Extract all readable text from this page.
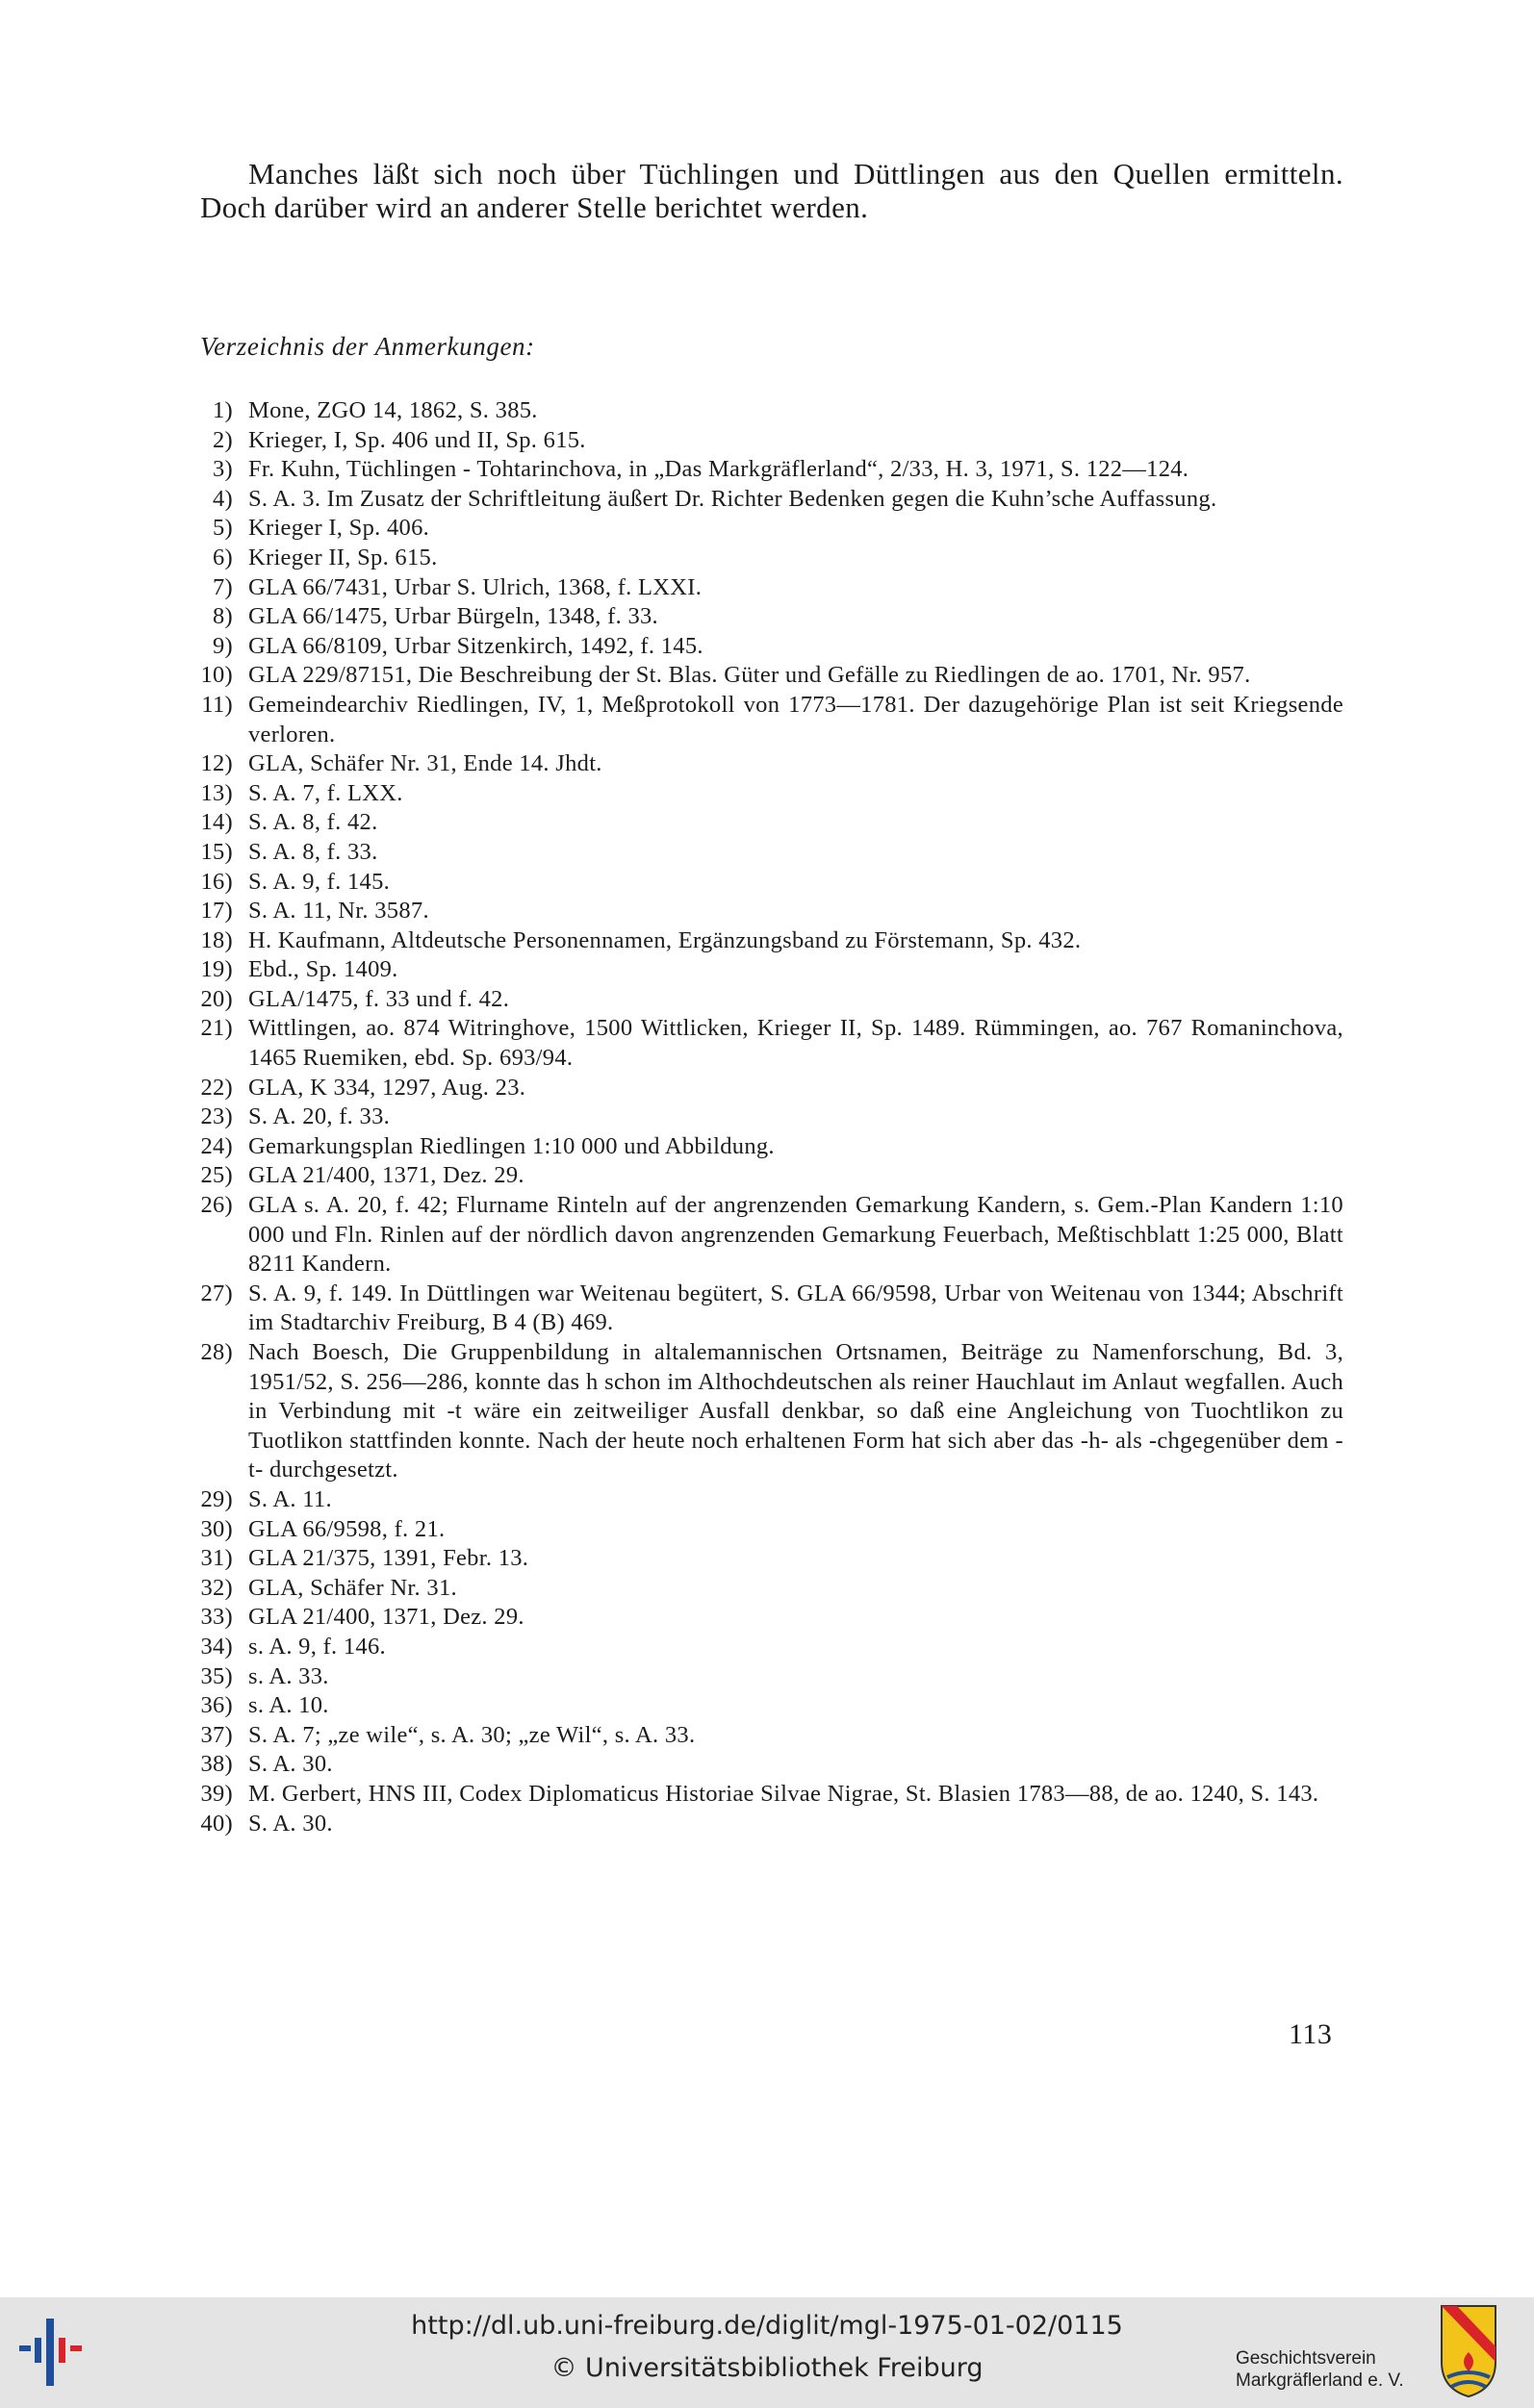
Manches läßt sich noch über Tüchlingen und Düttlingen aus den Quellen ermitteln. Doch darüber wird an anderer Stelle berichtet werden.

Verzeichnis der Anmerkungen:
1) Mone, ZGO 14, 1862, S. 385.
2) Krieger, I, Sp. 406 und II, Sp. 615.
3) Fr. Kuhn, Tüchlingen - Tohtarinchova, in „Das Markgräflerland“, 2/33, H. 3, 1971, S. 122—124.
4) S. A. 3. Im Zusatz der Schriftleitung äußert Dr. Richter Bedenken gegen die Kuhn’sche Auffassung.
5) Krieger I, Sp. 406.
6) Krieger II, Sp. 615.
7) GLA 66/7431, Urbar S. Ulrich, 1368, f. LXXI.
8) GLA 66/1475, Urbar Bürgeln, 1348, f. 33.
9) GLA 66/8109, Urbar Sitzenkirch, 1492, f. 145.
10) GLA 229/87151, Die Beschreibung der St. Blas. Güter und Gefälle zu Riedlingen de ao. 1701, Nr. 957.
11) Gemeindearchiv Riedlingen, IV, 1, Meßprotokoll von 1773—1781. Der dazugehörige Plan ist seit Kriegsende verloren.
12) GLA, Schäfer Nr. 31, Ende 14. Jhdt.
13) S. A. 7, f. LXX.
14) S. A. 8, f. 42.
15) S. A. 8, f. 33.
16) S. A. 9, f. 145.
17) S. A. 11, Nr. 3587.
18) H. Kaufmann, Altdeutsche Personennamen, Ergänzungsband zu Förstemann, Sp. 432.
19) Ebd., Sp. 1409.
20) GLA/1475, f. 33 und f. 42.
21) Wittlingen, ao. 874 Witringhove, 1500 Wittlicken, Krieger II, Sp. 1489. Rümmingen, ao. 767 Romaninchova, 1465 Ruemiken, ebd. Sp. 693/94.
22) GLA, K 334, 1297, Aug. 23.
23) S. A. 20, f. 33.
24) Gemarkungsplan Riedlingen 1:10 000 und Abbildung.
25) GLA 21/400, 1371, Dez. 29.
26) GLA s. A. 20, f. 42; Flurname Rinteln auf der angrenzenden Gemarkung Kandern, s. Gem.-Plan Kandern 1:10 000 und Fln. Rinlen auf der nördlich davon angrenzenden Gemarkung Feuerbach, Meßtischblatt 1:25 000, Blatt 8211 Kandern.
27) S. A. 9, f. 149. In Düttlingen war Weitenau begütert, S. GLA 66/9598, Urbar von Weitenau von 1344; Abschrift im Stadtarchiv Freiburg, B 4 (B) 469.
28) Nach Boesch, Die Gruppenbildung in altalemannischen Ortsnamen, Beiträge zu Namenforschung, Bd. 3, 1951/52, S. 256—286, konnte das h schon im Althochdeutschen als reiner Hauchlaut im Anlaut wegfallen. Auch in Verbindung mit -t wäre ein zeitweiliger Ausfall denkbar, so daß eine Angleichung von Tuochtlikon zu Tuotlikon stattfinden konnte. Nach der heute noch erhaltenen Form hat sich aber das -h- als -chgegenüber dem -t- durchgesetzt.
29) S. A. 11.
30) GLA 66/9598, f. 21.
31) GLA 21/375, 1391, Febr. 13.
32) GLA, Schäfer Nr. 31.
33) GLA 21/400, 1371, Dez. 29.
34) s. A. 9, f. 146.
35) s. A. 33.
36) s. A. 10.
37) S. A. 7; „ze wile“, s. A. 30; „ze Wil“, s. A. 33.
38) S. A. 30.
39) M. Gerbert, HNS III, Codex Diplomaticus Historiae Silvae Nigrae, St. Blasien 1783—88, de ao. 1240, S. 143.
40) S. A. 30.
113
http://dl.ub.uni-freiburg.de/diglit/mgl-1975-01-02/0115
© Universitätsbibliothek Freiburg	Geschichtsverein
Markgräflerland e. V.
